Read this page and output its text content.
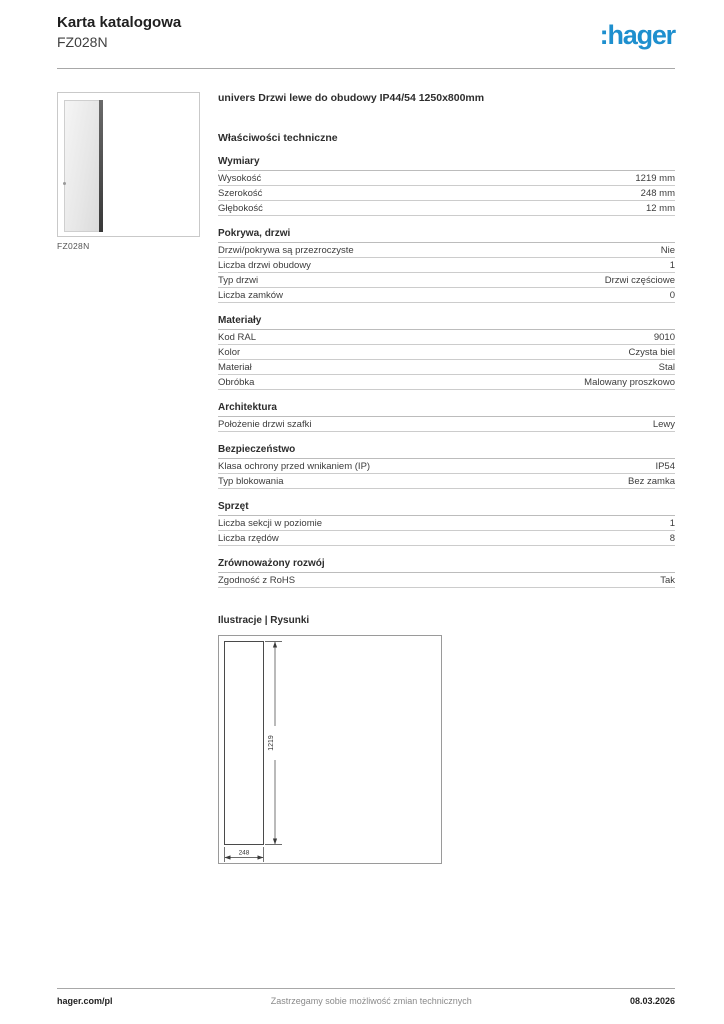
Karta katalogowa
FZ028N	:hager
FZ028N
univers Drzwi lewe do obudowy IP44/54 1250x800mm
Właściwości techniczne
Wymiary
Wysokość	1219 mm
Szerokość	248 mm
Głębokość	12 mm
Pokrywa, drzwi
Drzwi/pokrywa są przezroczyste	Nie
Liczba drzwi obudowy	1
Typ drzwi	Drzwi częściowe
Liczba zamków	0
Materiały
Kod RAL	9010
Kolor	Czysta biel
Materiał	Stal
Obróbka	Malowany proszkowo
Architektura
Położenie drzwi szafki	Lewy
Bezpieczeństwo
Klasa ochrony przed wnikaniem (IP)	IP54
Typ blokowania	Bez zamka
Sprzęt
Liczba sekcji w poziomie	1
Liczba rzędów	8
Zrównoważony rozwój
Zgodność z RoHS	Tak
Ilustracje | Rysunki
1219
248
hager.com/pl	Zastrzegamy sobie możliwość zmian technicznych	08.03.2026
